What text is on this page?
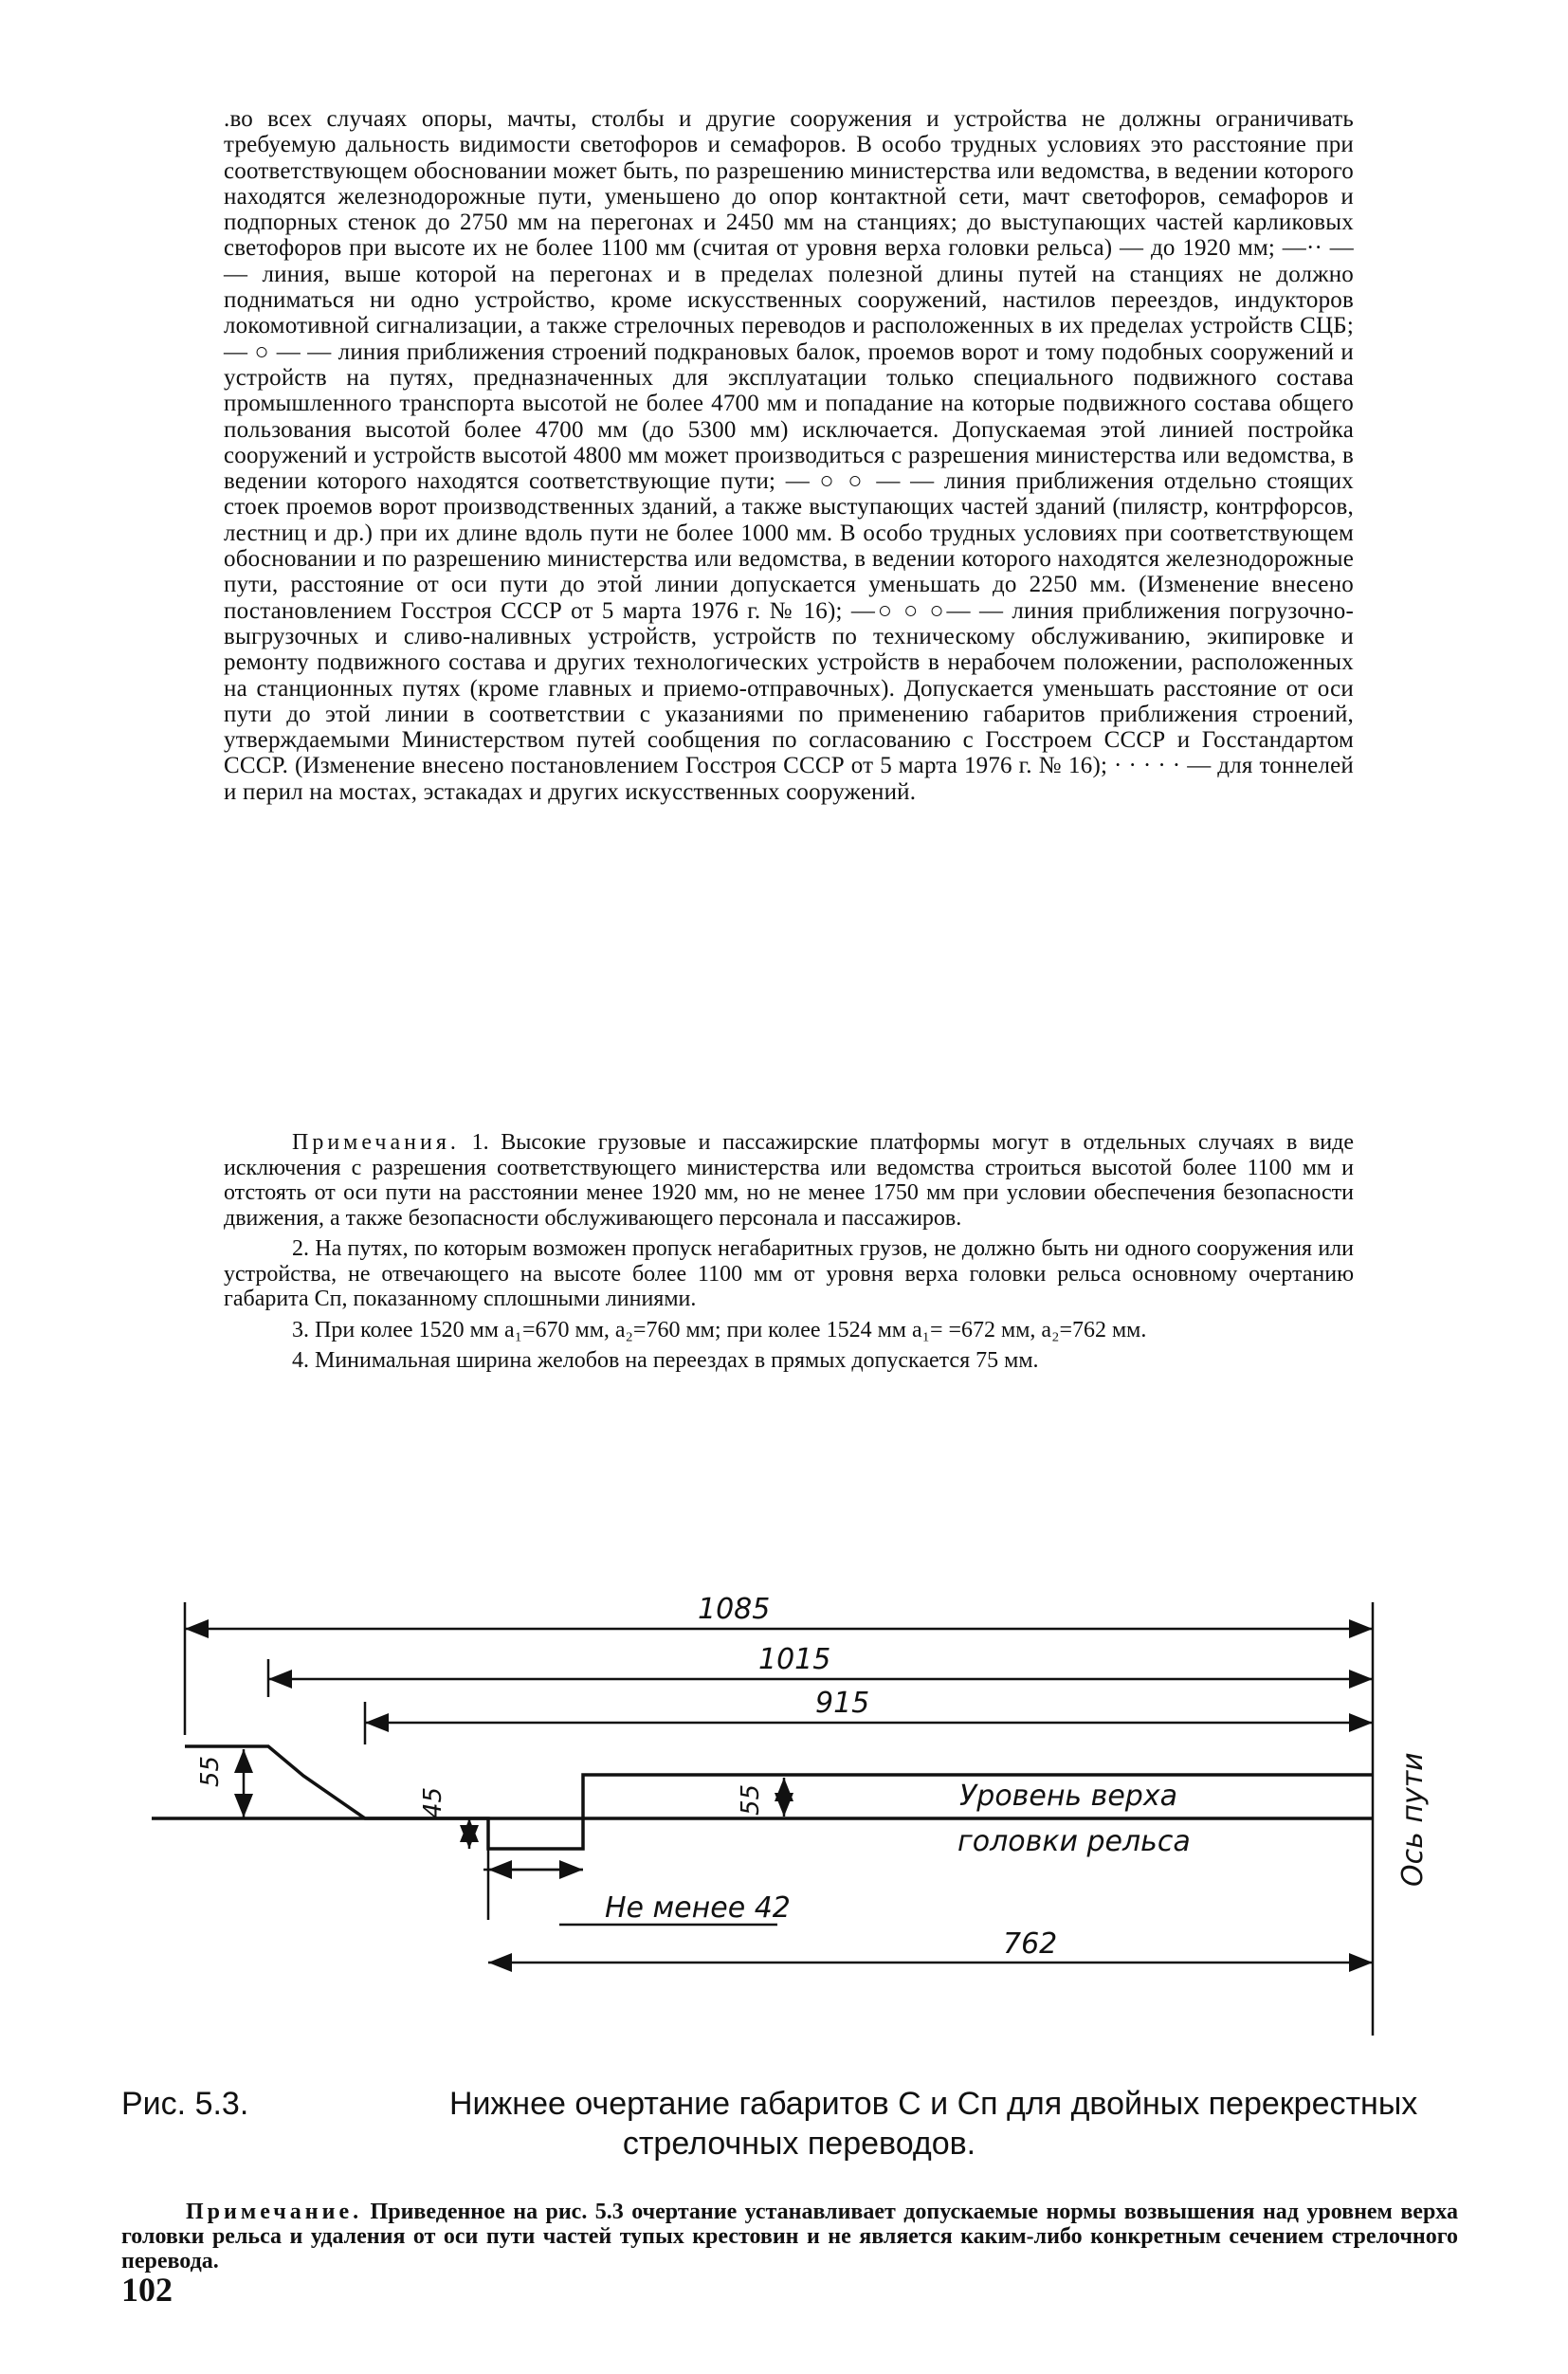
.во всех случаях опоры, мачты, столбы и другие сооружения и устройства не должны ограничивать требуемую дальность видимости светофоров и семафоров. В особо трудных условиях это расстояние при соответствующем обосновании может быть, по разрешению министерства или ведомства, в ведении которого находятся железнодорожные пути, уменьшено до опор контактной сети, мачт светофоров, семафоров и подпорных стенок до 2750 мм на перегонах и 2450 мм на станциях; до выступающих частей карликовых светофоров при высоте их не более 1100 мм (считая от уровня верха головки рельса) — до 1920 мм; —·· — — линия, выше которой на перегонах и в пределах полезной длины путей на станциях не должно подниматься ни одно устройство, кроме искусственных сооружений, настилов переездов, индукторов локомотивной сигнализации, а также стрелочных переводов и расположенных в их пределах устройств СЦБ; — ○ — — линия приближения строений подкрановых балок, проемов ворот и тому подобных сооружений и устройств на путях, предназначенных для эксплуатации только специального подвижного состава промышленного транспорта высотой не более 4700 мм и попадание на которые подвижного состава общего пользования высотой более 4700 мм (до 5300 мм) исключается. Допускаемая этой линией постройка сооружений и устройств высотой 4800 мм может производиться с разрешения министерства или ведомства, в ведении которого находятся соответствующие пути; — ○ ○ — — линия приближения отдельно стоящих стоек проемов ворот производственных зданий, а также выступающих частей зданий (пилястр, контрфорсов, лестниц и др.) при их длине вдоль пути не более 1000 мм. В особо трудных условиях при соответствующем обосновании и по разрешению министерства или ведомства, в ведении которого находятся железнодорожные пути, расстояние от оси пути до этой линии допускается уменьшать до 2250 мм. (Изменение внесено постановлением Госстроя СССР от 5 марта 1976 г. № 16); —○ ○ ○— — линия приближения погрузочно-выгрузочных и сливо-наливных устройств, устройств по техническому обслуживанию, экипировке и ремонту подвижного состава и других технологических устройств в нерабочем положении, расположенных на станционных путях (кроме главных и приемо-отправочных). Допускается уменьшать расстояние от оси пути до этой линии в соответствии с указаниями по применению габаритов приближения строений, утверждаемыми Министерством путей сообщения по согласованию с Госстроем СССР и Госстандартом СССР. (Изменение внесено постановлением Госстроя СССР от 5 марта 1976 г. № 16); · · · · · — для тоннелей и перил на мостах, эстакадах и других искусственных сооружений.

Примечания. 1. Высокие грузовые и пассажирские платформы могут в отдельных случаях в виде исключения с разрешения соответствующего министерства или ведомства строиться высотой более 1100 мм и отстоять от оси пути на расстоянии менее 1920 мм, но не менее 1750 мм при условии обеспечения безопасности движения, а также безопасности обслуживающего персонала и пассажиров.

2. На путях, по которым возможен пропуск негабаритных грузов, не должно быть ни одного сооружения или устройства, не отвечающего на высоте более 1100 мм от уровня верха головки рельса основному очертанию габарита Сп, показанному сплошными линиями.

3. При колее 1520 мм a₁=670 мм, a₂=760 мм; при колее 1524 мм a₁= =672 мм, a₂=762 мм.

4. Минимальная ширина желобов на переездах в прямых допускается 75 мм.

1085
1015
915
55
45	55	Уровень верха
головки рельса
Не менее 42
762
Ось пути
Рис. 5.3.	Нижнее очертание габаритов С и Сп для двойных перекрестных
стрелочных переводов.
Примечание. Приведенное на рис. 5.3 очертание устанавливает допускаемые нормы возвышения над уровнем верха головки рельса и удаления от оси пути частей тупых крестовин и не является каким-либо конкретным сечением стрелочного перевода.
102
